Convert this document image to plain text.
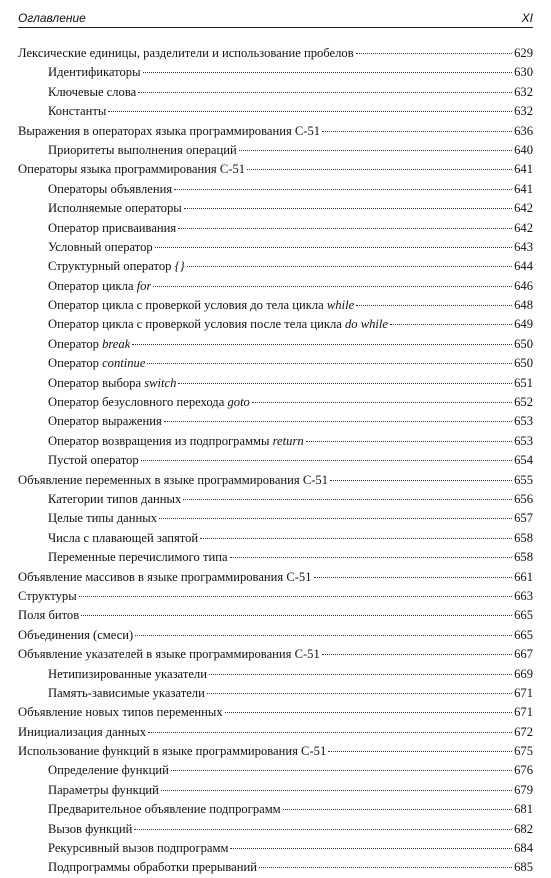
Оглавление	XI
Лексические единицы, разделители и использование пробелов	629
Идентификаторы	630
Ключевые слова	632
Константы	632
Выражения в операторах языка программирования С-51	636
Приоритеты выполнения операций	640
Операторы языка программирования С-51	641
Операторы объявления	641
Исполняемые операторы	642
Оператор присваивания	642
Условный оператор	643
Структурный оператор {}	644
Оператор цикла for	646
Оператор цикла с проверкой условия до тела цикла while	648
Оператор цикла с проверкой условия после тела цикла do while	649
Оператор break	650
Оператор continue	650
Оператор выбора switch	651
Оператор безусловного перехода goto	652
Оператор выражения	653
Оператор возвращения из подпрограммы return	653
Пустой оператор	654
Объявление переменных в языке программирования С-51	655
Категории типов данных	656
Целые типы данных	657
Числа с плавающей запятой	658
Переменные перечислимого типа	658
Объявление массивов в языке программирования С-51	661
Структуры	663
Поля битов	665
Объединения (смеси)	665
Объявление указателей в языке программирования С-51	667
Нетипизированные указатели	669
Память-зависимые указатели	671
Объявление новых типов переменных	671
Инициализация данных	672
Использование функций в языке программирования С-51	675
Определение функций	676
Параметры функций	679
Предварительное объявление подпрограмм	681
Вызов функций	682
Рекурсивный вызов подпрограмм	684
Подпрограммы обработки прерываний	685
